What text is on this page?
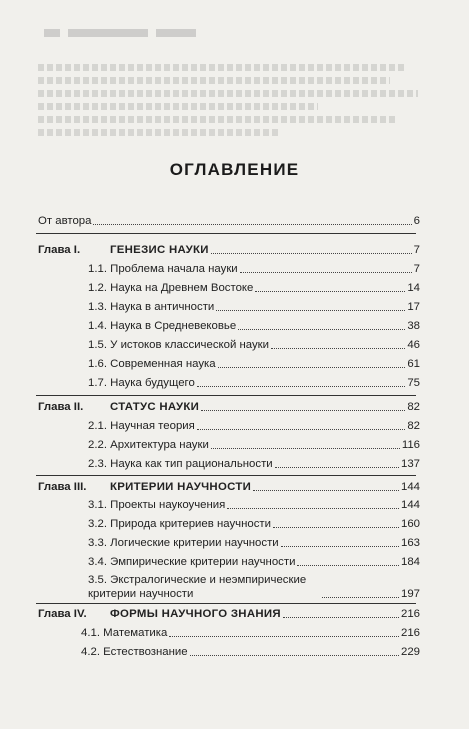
ОГЛАВЛЕНИЕ
От автора	6
Глава I.	ГЕНЕЗИС НАУКИ	7
1.1. Проблема начала науки	7
1.2. Наука на Древнем Востоке	14
1.3. Наука в античности	17
1.4. Наука в Средневековье	38
1.5. У истоков классической науки	46
1.6. Современная наука	61
1.7. Наука будущего	75
Глава II.	СТАТУС НАУКИ	82
2.1. Научная теория	82
2.2. Архитектура науки	116
2.3. Наука как тип рациональности	137
Глава III.	КРИТЕРИИ НАУЧНОСТИ	144
3.1. Проекты наукоучения	144
3.2. Природа критериев научности	160
3.3. Логические критерии научности	163
3.4. Эмпирические критерии научности	184
3.5. Экстралогические и неэмпирические критерии научности	197
Глава IV.	ФОРМЫ НАУЧНОГО ЗНАНИЯ	216
4.1. Математика	216
4.2. Естествознание	229
